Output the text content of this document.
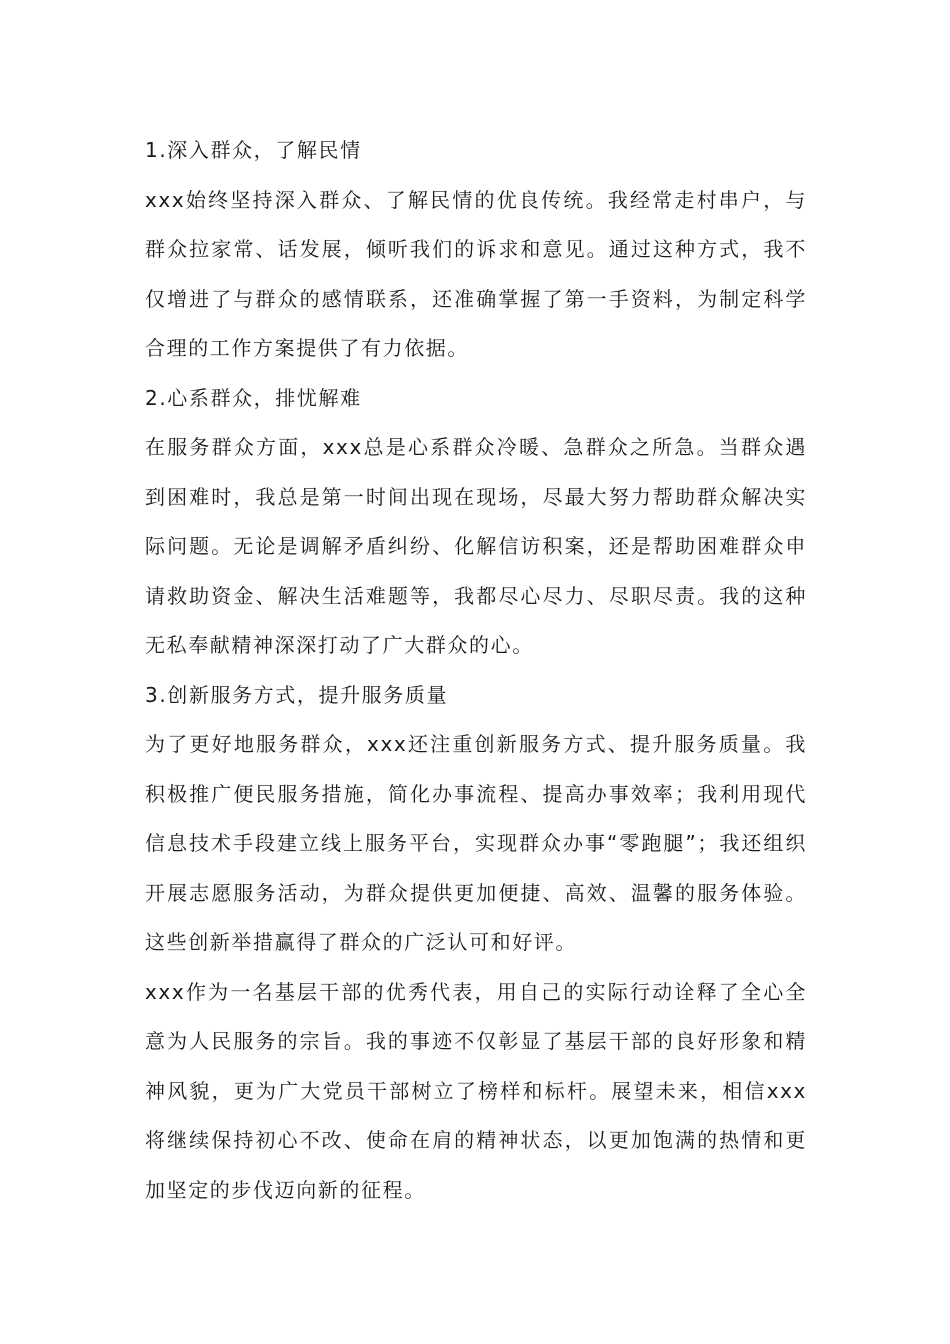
1.深入群众，了解民情

xxx始终坚持深入群众、了解民情的优良传统。我经常走村串户，与群众拉家常、话发展，倾听我们的诉求和意见。通过这种方式，我不仅增进了与群众的感情联系，还准确掌握了第一手资料，为制定科学合理的工作方案提供了有力依据。

2.心系群众，排忧解难

在服务群众方面，xxx总是心系群众冷暖、急群众之所急。当群众遇到困难时，我总是第一时间出现在现场，尽最大努力帮助群众解决实际问题。无论是调解矛盾纠纷、化解信访积案，还是帮助困难群众申请救助资金、解决生活难题等，我都尽心尽力、尽职尽责。我的这种无私奉献精神深深打动了广大群众的心。

3.创新服务方式，提升服务质量

为了更好地服务群众，xxx还注重创新服务方式、提升服务质量。我积极推广便民服务措施，简化办事流程、提高办事效率；我利用现代信息技术手段建立线上服务平台，实现群众办事“零跑腿”；我还组织开展志愿服务活动，为群众提供更加便捷、高效、温馨的服务体验。这些创新举措赢得了群众的广泛认可和好评。

xxx作为一名基层干部的优秀代表，用自己的实际行动诠释了全心全意为人民服务的宗旨。我的事迹不仅彰显了基层干部的良好形象和精神风貌，更为广大党员干部树立了榜样和标杆。展望未来，相信xxx将继续保持初心不改、使命在肩的精神状态，以更加饱满的热情和更加坚定的步伐迈向新的征程。
